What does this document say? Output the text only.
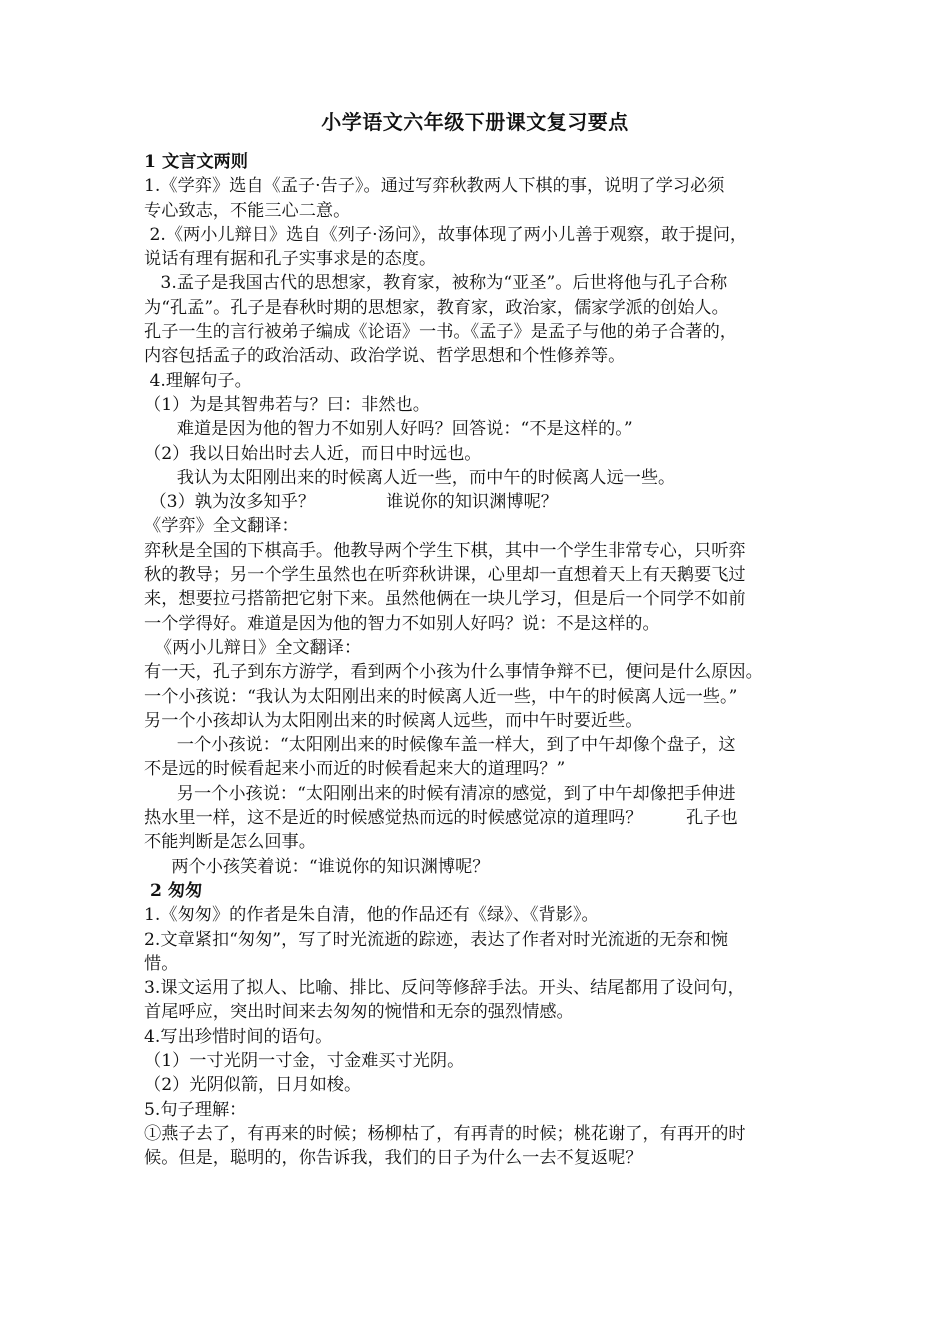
小学语文六年级下册课文复习要点
1 文言文两则
1.《学弈》选自《孟子·告子》。通过写弈秋教两人下棋的事，说明了学习必须
专心致志，不能三心二意。
2.《两小儿辩日》选自《列子·汤问》，故事体现了两小儿善于观察，敢于提问，
说话有理有据和孔子实事求是的态度。
3.孟子是我国古代的思想家，教育家，被称为“亚圣”。后世将他与孔子合称
为“孔孟”。孔子是春秋时期的思想家，教育家，政治家，儒家学派的创始人。
孔子一生的言行被弟子编成《论语》一书。《孟子》是孟子与他的弟子合著的，
内容包括孟子的政治活动、政治学说、哲学思想和个性修养等。
4.理解句子。
（1）为是其智弗若与？曰：非然也。
难道是因为他的智力不如别人好吗？回答说：“不是这样的。”
（2）我以日始出时去人近，而日中时远也。
我认为太阳刚出来的时候离人近一些，而中午的时候离人远一些。
（3）孰为汝多知乎？             谁说你的知识渊博呢？
《学弈》全文翻译：
弈秋是全国的下棋高手。他教导两个学生下棋，其中一个学生非常专心，只听弈
秋的教导；另一个学生虽然也在听弈秋讲课，心里却一直想着天上有天鹅要飞过
来，想要拉弓搭箭把它射下来。虽然他俩在一块儿学习，但是后一个同学不如前
一个学得好。难道是因为他的智力不如别人好吗？说：不是这样的。
《两小儿辩日》全文翻译：
有一天，孔子到东方游学，看到两个小孩为什么事情争辩不已，便问是什么原因。
一个小孩说：“我认为太阳刚出来的时候离人近一些，中午的时候离人远一些。”
另一个小孩却认为太阳刚出来的时候离人远些，而中午时要近些。
一个小孩说：“太阳刚出来的时候像车盖一样大，到了中午却像个盘子，这
不是远的时候看起来小而近的时候看起来大的道理吗？”
另一个小孩说：“太阳刚出来的时候有清凉的感觉，到了中午却像把手伸进
热水里一样，这不是近的时候感觉热而远的时候感觉凉的道理吗？        孔子也
不能判断是怎么回事。
两个小孩笑着说：“谁说你的知识渊博呢？
2 匆匆
1.《匆匆》的作者是朱自清，他的作品还有《绿》、《背影》。
2.文章紧扣“匆匆”，写了时光流逝的踪迹，表达了作者对时光流逝的无奈和惋
惜。
3.课文运用了拟人、比喻、排比、反问等修辞手法。开头、结尾都用了设问句，
首尾呼应，突出时间来去匆匆的惋惜和无奈的强烈情感。
4.写出珍惜时间的语句。
（1）一寸光阴一寸金，寸金难买寸光阴。
（2）光阴似箭，日月如梭。
5.句子理解：
①燕子去了，有再来的时候；杨柳枯了，有再青的时候；桃花谢了，有再开的时
候。但是，聪明的，你告诉我，我们的日子为什么一去不复返呢？
